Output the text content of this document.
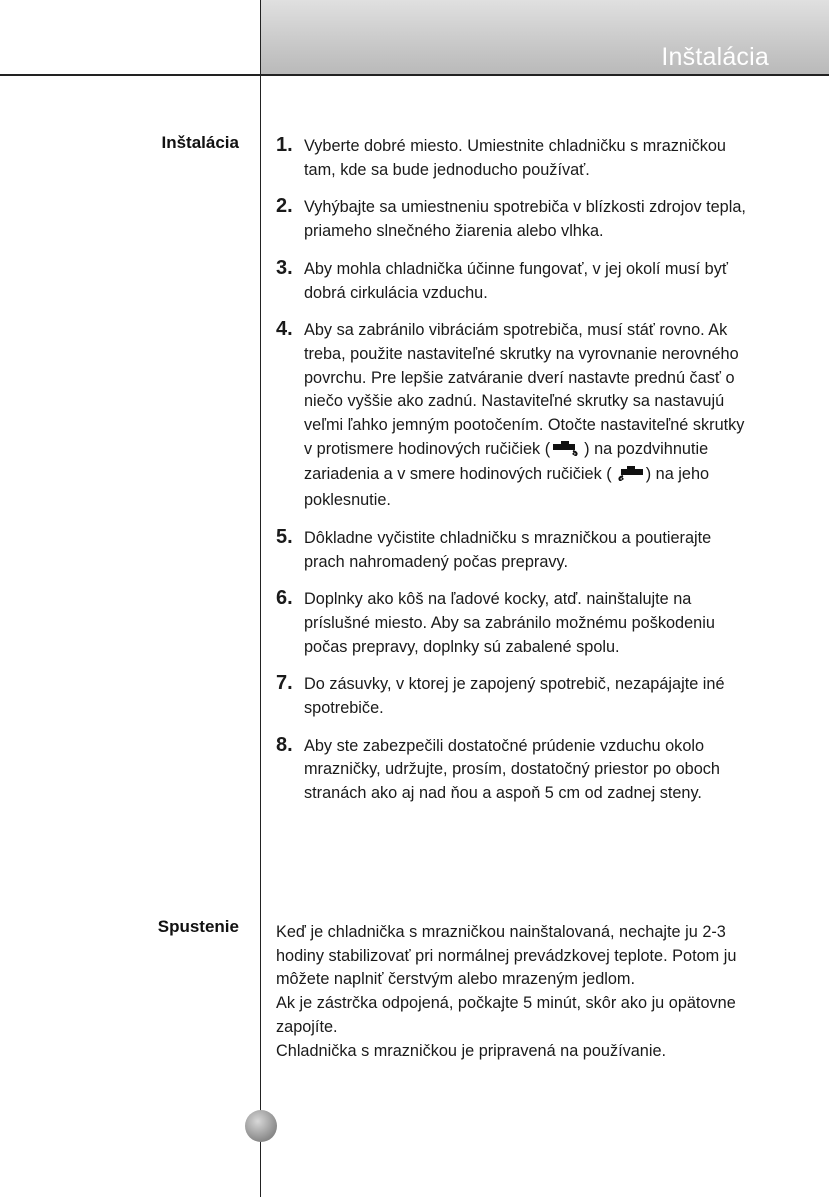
Inštalácia
Inštalácia
Spustenie
1. Vyberte dobré miesto. Umiestnite chladničku s mrazničkou tam, kde sa bude jednoducho používať.
2. Vyhýbajte sa umiestneniu spotrebiča v blízkosti zdrojov tepla, priameho slnečného žiarenia alebo vlhka.
3. Aby mohla chladnička účinne fungovať, v jej okolí musí byť dobrá cirkulácia vzduchu.
4. Aby sa zabránilo vibráciám spotrebiča, musí stáť rovno. Ak treba, použite nastaviteľné skrutky na vyrovnanie nerovného povrchu. Pre lepšie zatváranie dverí nastavte prednú časť o niečo vyššie ako zadnú. Nastaviteľné skrutky sa nastavujú veľmi ľahko jemným pootočením. Otočte nastaviteľné skrutky v protismere hodinových ručičiek ( ) na pozdvihnutie zariadenia a v smere hodinových ručičiek ( ) na jeho poklesnutie.
5. Dôkladne vyčistite chladničku s mrazničkou a poutierajte prach nahromadený počas prepravy.
6. Doplnky ako kôš na ľadové kocky, atď. nainštalujte na príslušné miesto. Aby sa zabránilo možnému poškodeniu počas prepravy, doplnky sú zabalené spolu.
7. Do zásuvky, v ktorej je zapojený spotrebič, nezapájajte iné spotrebiče.
8. Aby ste zabezpečili dostatočné prúdenie vzduchu okolo mrazničky, udržujte, prosím, dostatočný priestor po oboch stranách ako aj nad ňou a aspoň 5 cm od zadnej steny.

Keď je chladnička s mrazničkou nainštalovaná, nechajte ju 2-3 hodiny stabilizovať pri normálnej prevádzkovej teplote. Potom ju môžete naplniť čerstvým alebo mrazeným jedlom.

Ak je zástrčka odpojená, počkajte 5 minút, skôr ako ju opätovne zapojíte.

Chladnička s mrazničkou je pripravená na používanie.
